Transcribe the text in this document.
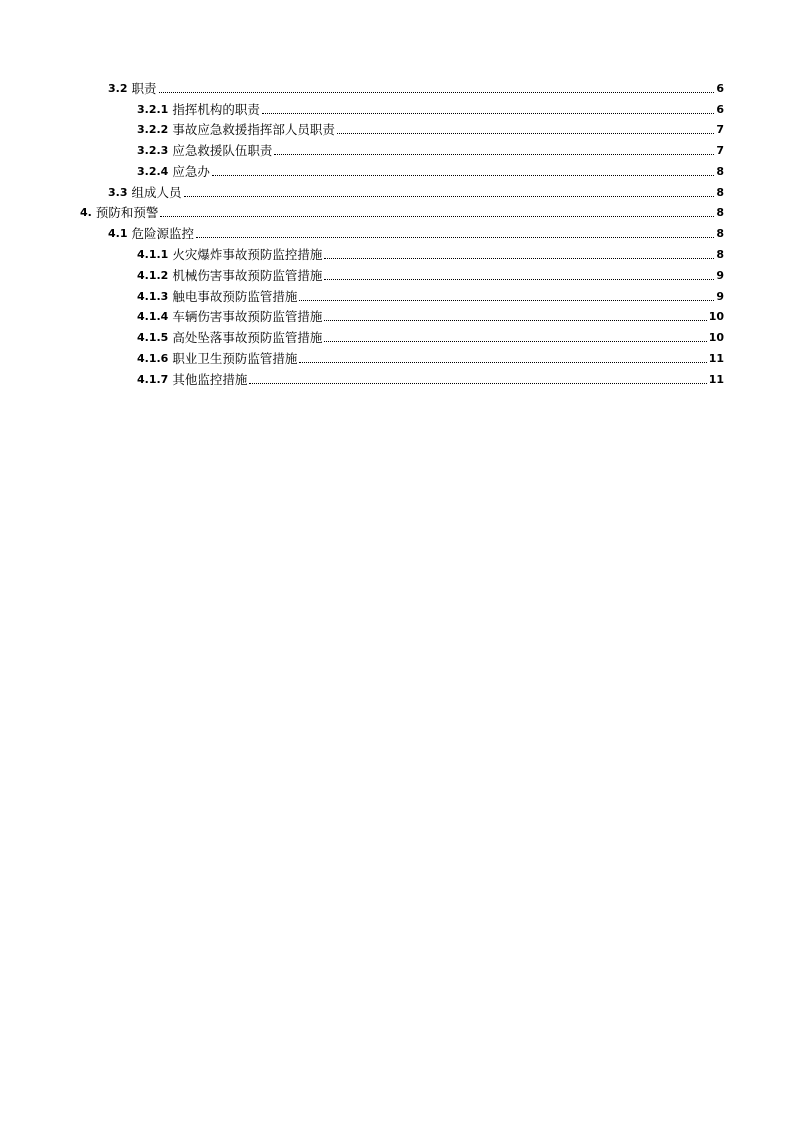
3.2 职责	6
3.2.1 指挥机构的职责	6
3.2.2 事故应急救援指挥部人员职责	7
3.2.3 应急救援队伍职责	7
3.2.4 应急办	8
3.3 组成人员	8
4. 预防和预警	8
4.1 危险源监控	8
4.1.1 火灾爆炸事故预防监控措施	8
4.1.2 机械伤害事故预防监管措施	9
4.1.3 触电事故预防监管措施	9
4.1.4 车辆伤害事故预防监管措施	10
4.1.5 高处坠落事故预防监管措施	10
4.1.6 职业卫生预防监管措施	11
4.1.7 其他监控措施	11
